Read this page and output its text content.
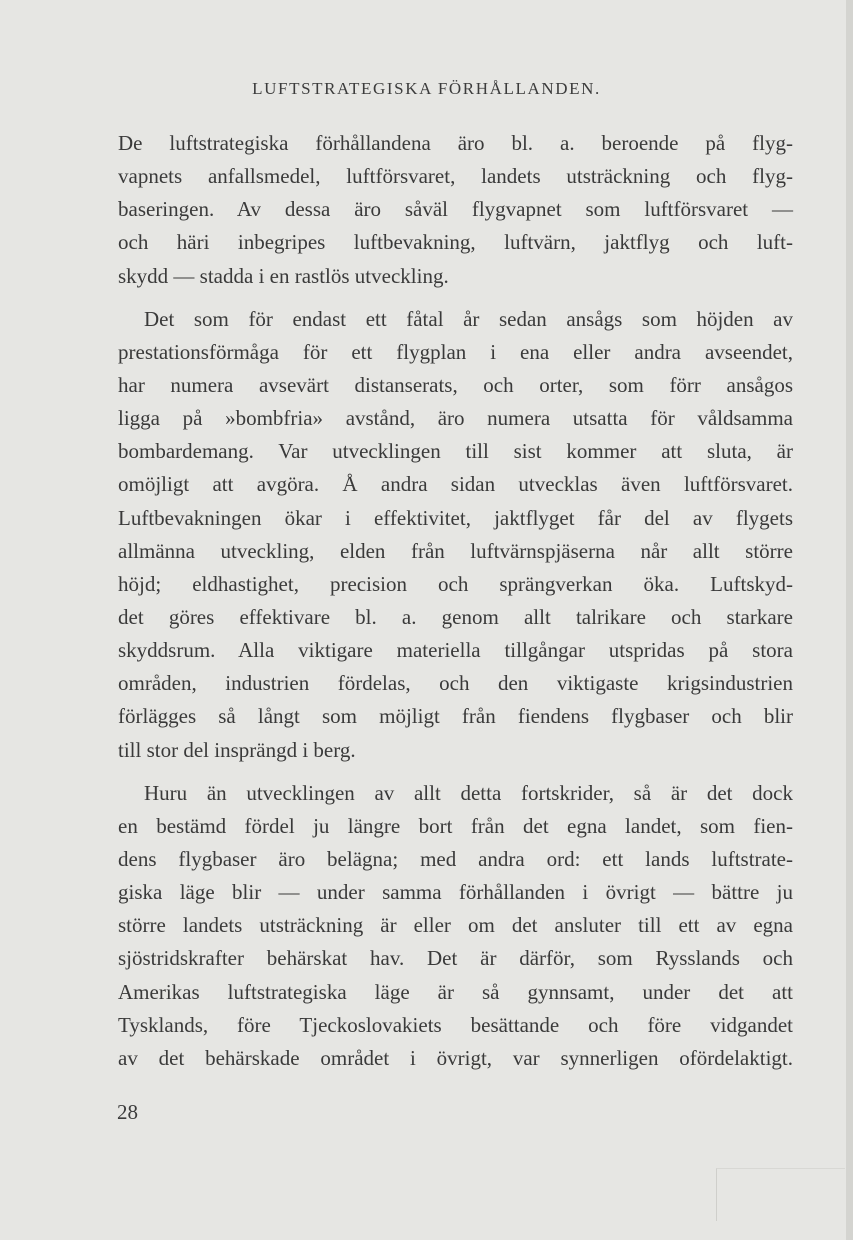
LUFTSTRATEGISKA FÖRHÅLLANDEN.
De luftstrategiska förhållandena äro bl. a. beroende på flyg-
vapnets anfallsmedel, luftförsvaret, landets utsträckning och flyg-
baseringen. Av dessa äro såväl flygvapnet som luftförsvaret —
och häri inbegripes luftbevakning, luftvärn, jaktflyg och luft-
skydd — stadda i en rastlös utveckling.
Det som för endast ett fåtal år sedan ansågs som höjden av
prestationsförmåga för ett flygplan i ena eller andra avseendet,
har numera avsevärt distanserats, och orter, som förr ansågos
ligga på »bombfria» avstånd, äro numera utsatta för våldsamma
bombardemang. Var utvecklingen till sist kommer att sluta, är
omöjligt att avgöra. Å andra sidan utvecklas även luftförsvaret.
Luftbevakningen ökar i effektivitet, jaktflyget får del av flygets
allmänna utveckling, elden från luftvärnspjäserna når allt större
höjd; eldhastighet, precision och sprängverkan öka. Luftskyd-
det göres effektivare bl. a. genom allt talrikare och starkare
skyddsrum. Alla viktigare materiella tillgångar utspridas på stora
områden, industrien fördelas, och den viktigaste krigsindustrien
förlägges så långt som möjligt från fiendens flygbaser och blir
till stor del insprängd i berg.
Huru än utvecklingen av allt detta fortskrider, så är det dock
en bestämd fördel ju längre bort från det egna landet, som fien-
dens flygbaser äro belägna; med andra ord: ett lands luftstrate-
giska läge blir — under samma förhållanden i övrigt — bättre ju
större landets utsträckning är eller om det ansluter till ett av egna
sjöstridskrafter behärskat hav. Det är därför, som Rysslands och
Amerikas luftstrategiska läge är så gynnsamt, under det att
Tysklands, före Tjeckoslovakiets besättande och före vidgandet
av det behärskade området i övrigt, var synnerligen ofördelaktigt.
28
